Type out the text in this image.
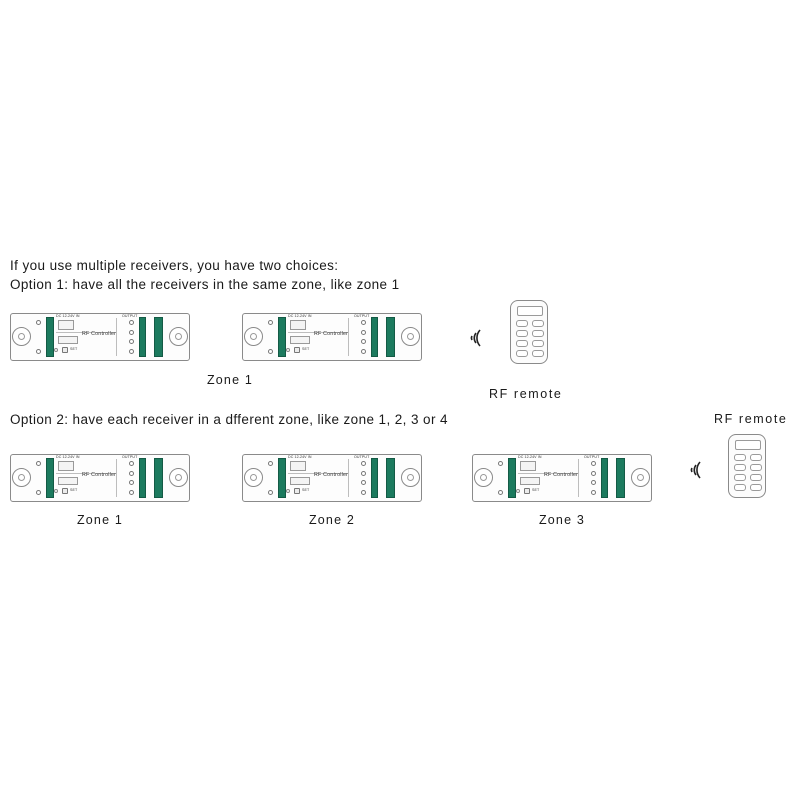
If you use multiple receivers, you have two choices:
Option 1: have all the receivers in the same zone, like zone 1
Option 2: have each receiver in a dfferent zone, like zone 1, 2, 3 or 4
SET
DC 12-24V IN	OUTPUT
RF Controller
SET
DC 12-24V IN	OUTPUT
RF Controller
Zone 1
RF remote
SET
DC 12-24V IN	OUTPUT
RF Controller
Zone 1
SET
DC 12-24V IN	OUTPUT
RF Controller
Zone 2
SET
DC 12-24V IN	OUTPUT
RF Controller
Zone 3
RF remote
